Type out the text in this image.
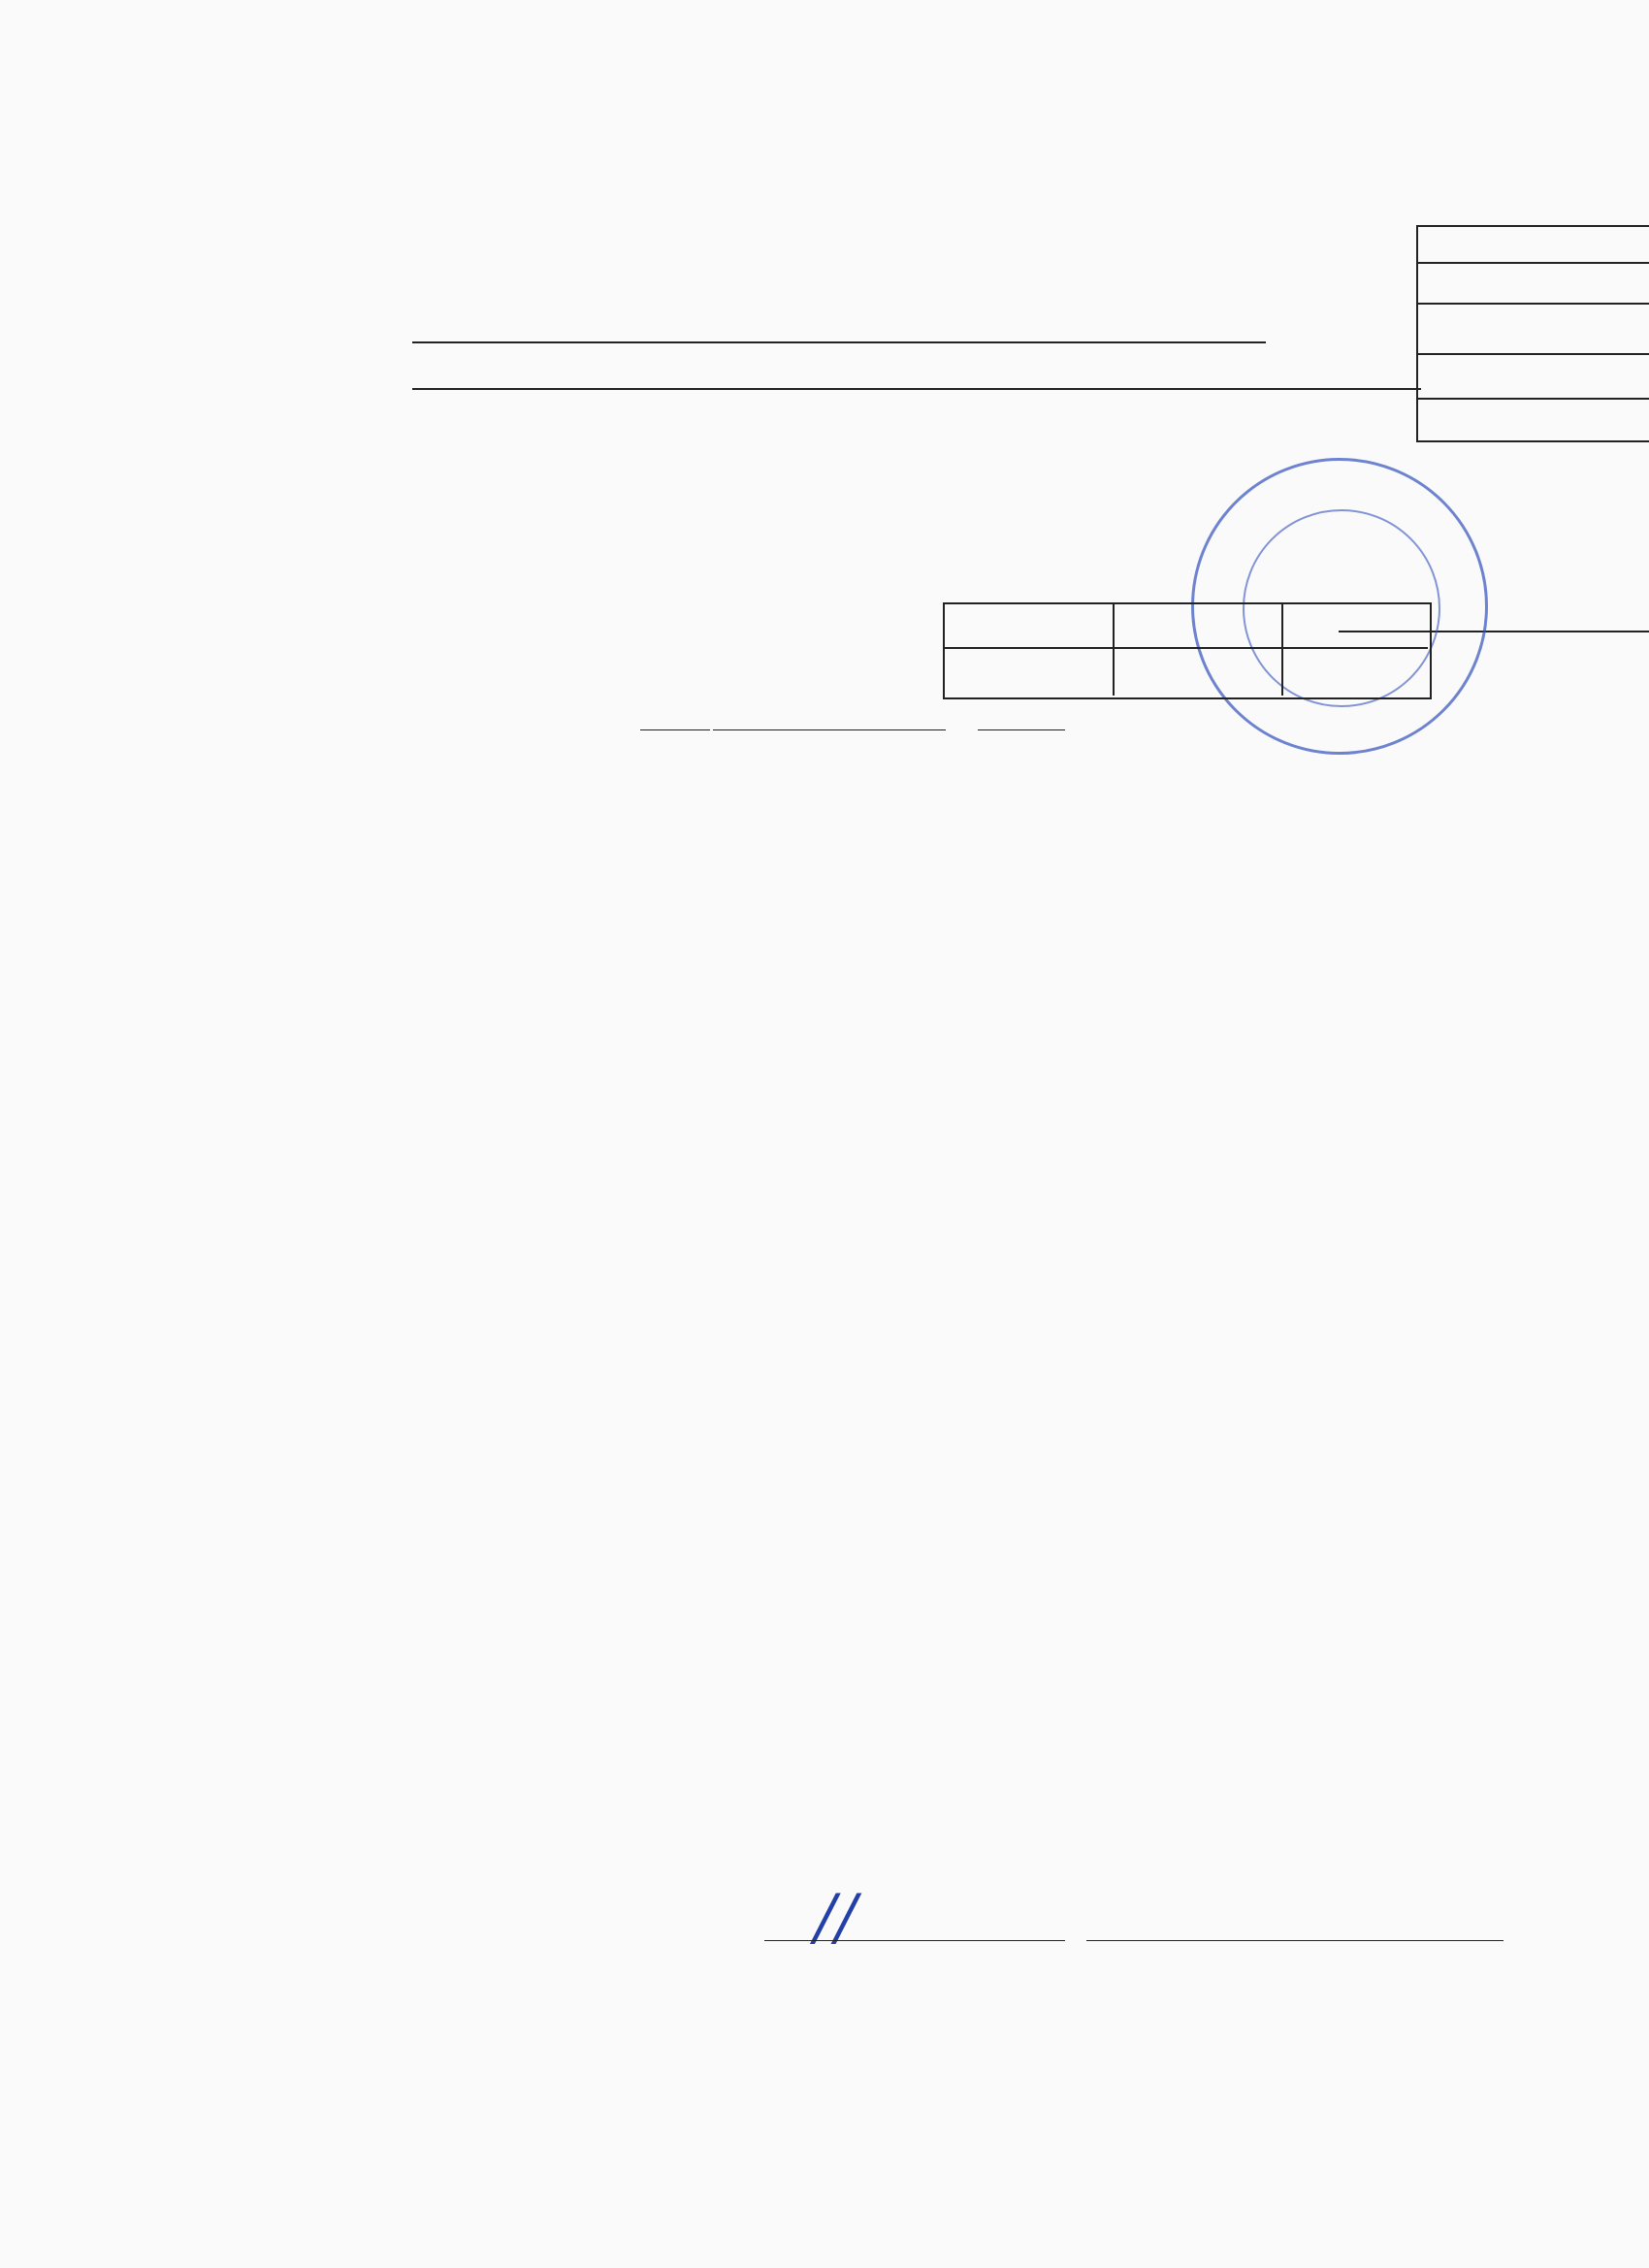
//
